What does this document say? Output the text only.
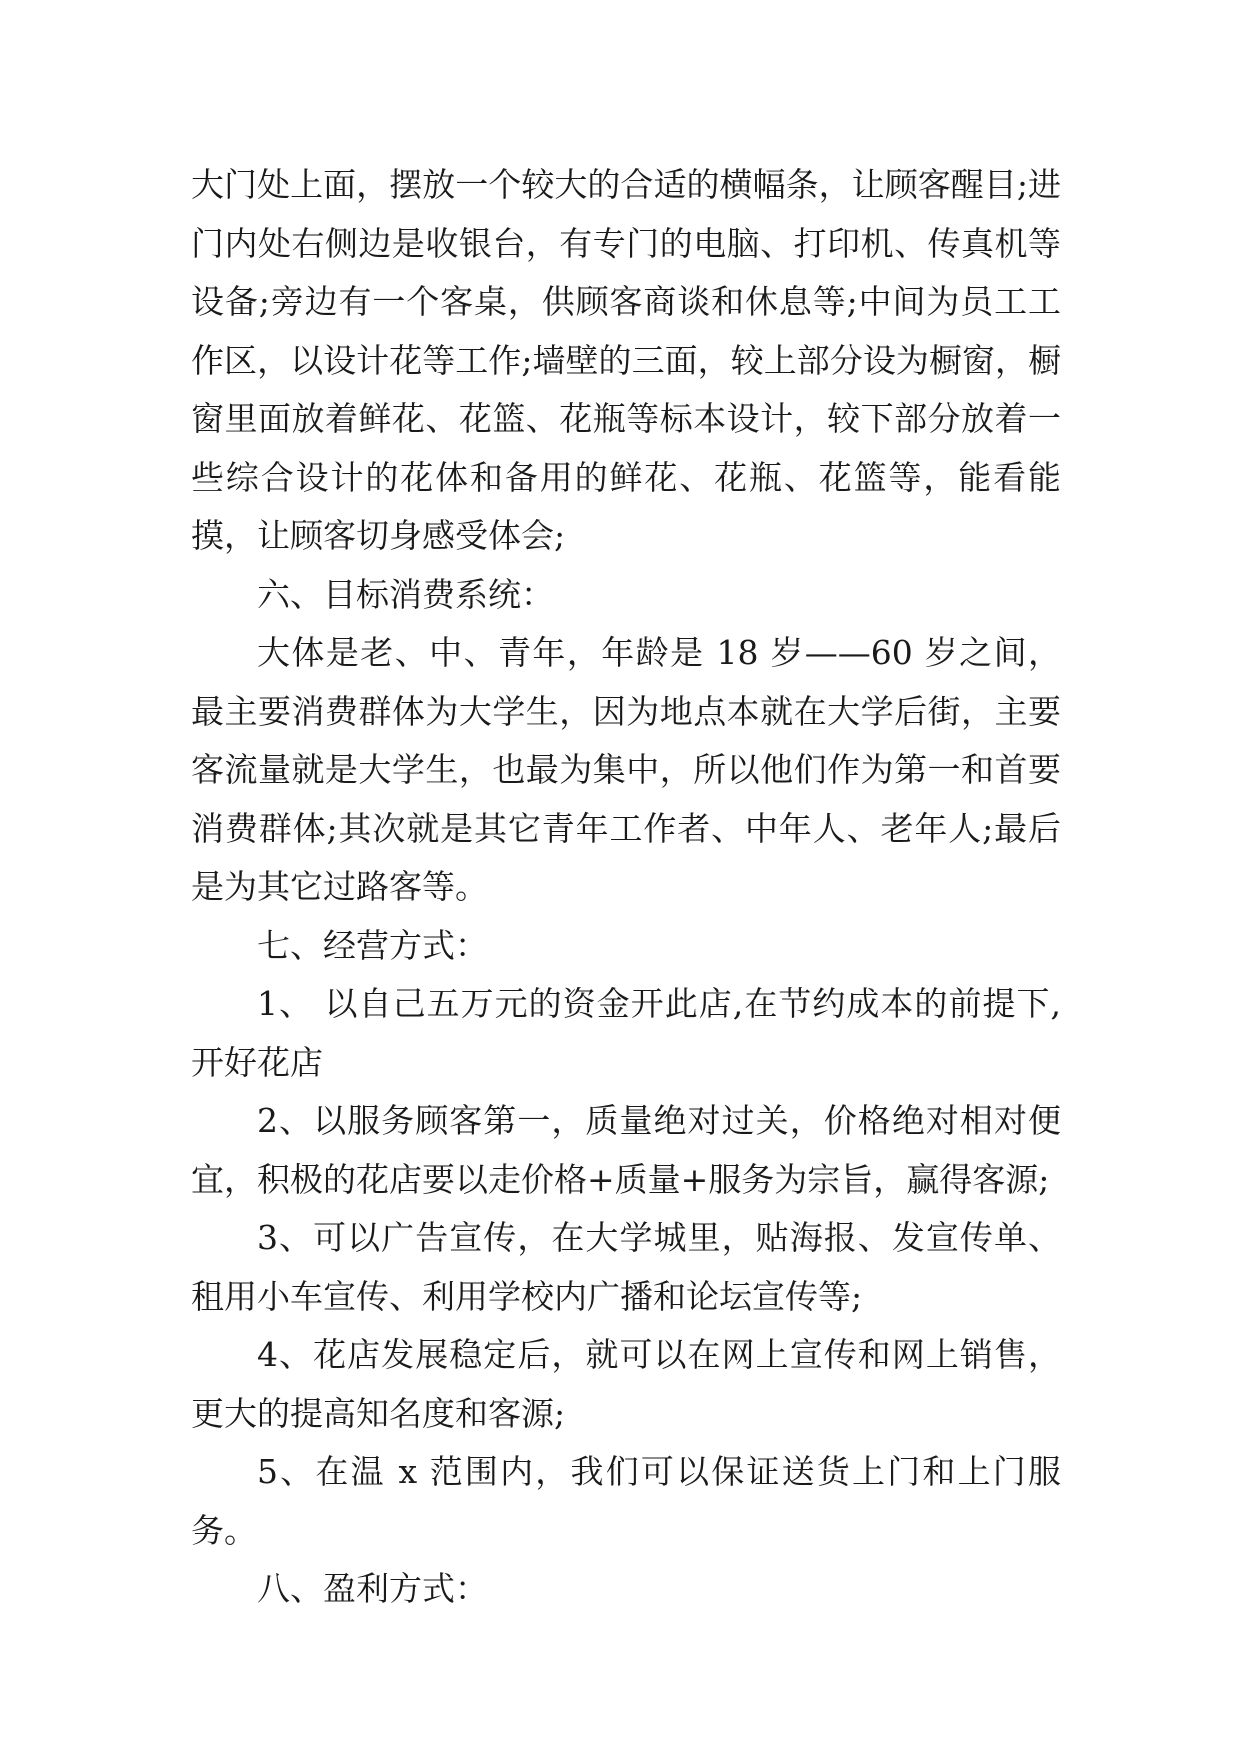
大门处上面，摆放一个较大的合适的横幅条，让顾客醒目;进门内处右侧边是收银台，有专门的电脑、打印机、传真机等设备;旁边有一个客桌，供顾客商谈和休息等;中间为员工工作区，以设计花等工作;墙壁的三面，较上部分设为橱窗，橱窗里面放着鲜花、花篮、花瓶等标本设计，较下部分放着一些综合设计的花体和备用的鲜花、花瓶、花篮等，能看能摸，让顾客切身感受体会;

六、目标消费系统：

大体是老、中、青年，年龄是 18 岁——60 岁之间，最主要消费群体为大学生，因为地点本就在大学后街，主要客流量就是大学生，也最为集中，所以他们作为第一和首要消费群体;其次就是其它青年工作者、中年人、老年人;最后是为其它过路客等。

七、经营方式：

1、 以自己五万元的资金开此店,在节约成本的前提下,开好花店

2、以服务顾客第一，质量绝对过关，价格绝对相对便宜，积极的花店要以走价格+质量+服务为宗旨，赢得客源;

3、可以广告宣传，在大学城里，贴海报、发宣传单、租用小车宣传、利用学校内广播和论坛宣传等;

4、花店发展稳定后，就可以在网上宣传和网上销售，更大的提高知名度和客源;

5、在温 x 范围内，我们可以保证送货上门和上门服务。

八、盈利方式：
